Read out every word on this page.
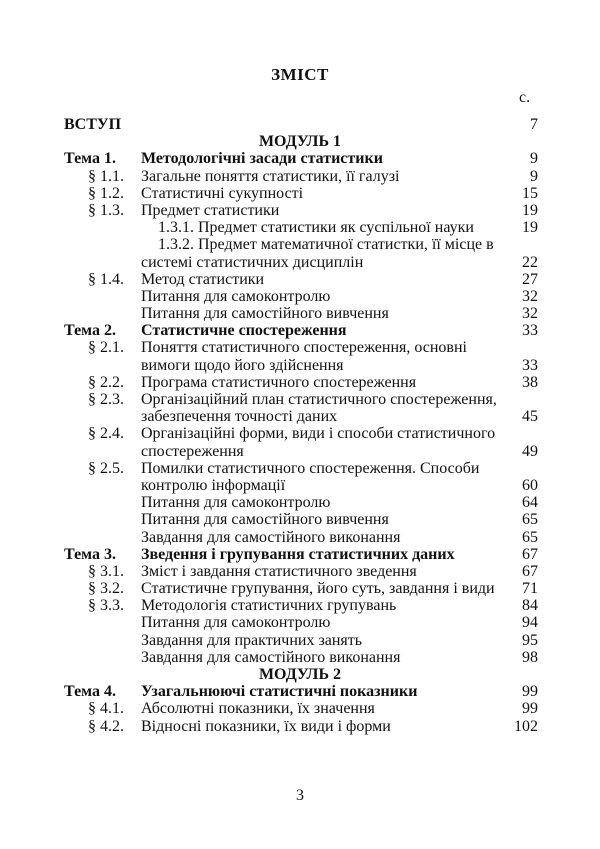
ЗМІСТ
с.
ВСТУП	7
МОДУЛЬ 1
Тема 1. Методологічні засади статистики	9
§ 1.1. Загальне поняття статистики, її галузі	9
§ 1.2. Статистичні сукупності	15
§ 1.3. Предмет статистики	19
1.3.1. Предмет статистики як суспільної науки	19
1.3.2. Предмет математичної статистки, її місце в
системі статистичних дисциплін	22
§ 1.4. Метод статистики	27
Питання для самоконтролю	32
Питання для самостійного вивчення	32
Тема 2. Статистичне спостереження	33
§ 2.1. Поняття статистичного спостереження, основні
вимоги щодо його здійснення	33
§ 2.2. Програма статистичного спостереження	38
§ 2.3. Організаційний план статистичного спостереження,
забезпечення точності даних	45
§ 2.4. Організаційні форми, види і способи статистичного
спостереження	49
§ 2.5. Помилки статистичного спостереження. Способи
контролю інформації	60
Питання для самоконтролю	64
Питання для самостійного вивчення	65
Завдання для самостійного виконання	65
Тема 3. Зведення і групування статистичних даних	67
§ 3.1. Зміст і завдання статистичного зведення	67
§ 3.2. Статистичне групування, його суть, завдання і види 71
§ 3.3. Методологія статистичних групувань	84
Питання для самоконтролю	94
Завдання для практичних занять	95
Завдання для самостійного виконання	98
МОДУЛЬ 2
Тема 4. Узагальнюючі статистичні показники	99
§ 4.1. Абсолютні показники, їх значення	99
§ 4.2. Відносні показники, їх види і форми	102
3
